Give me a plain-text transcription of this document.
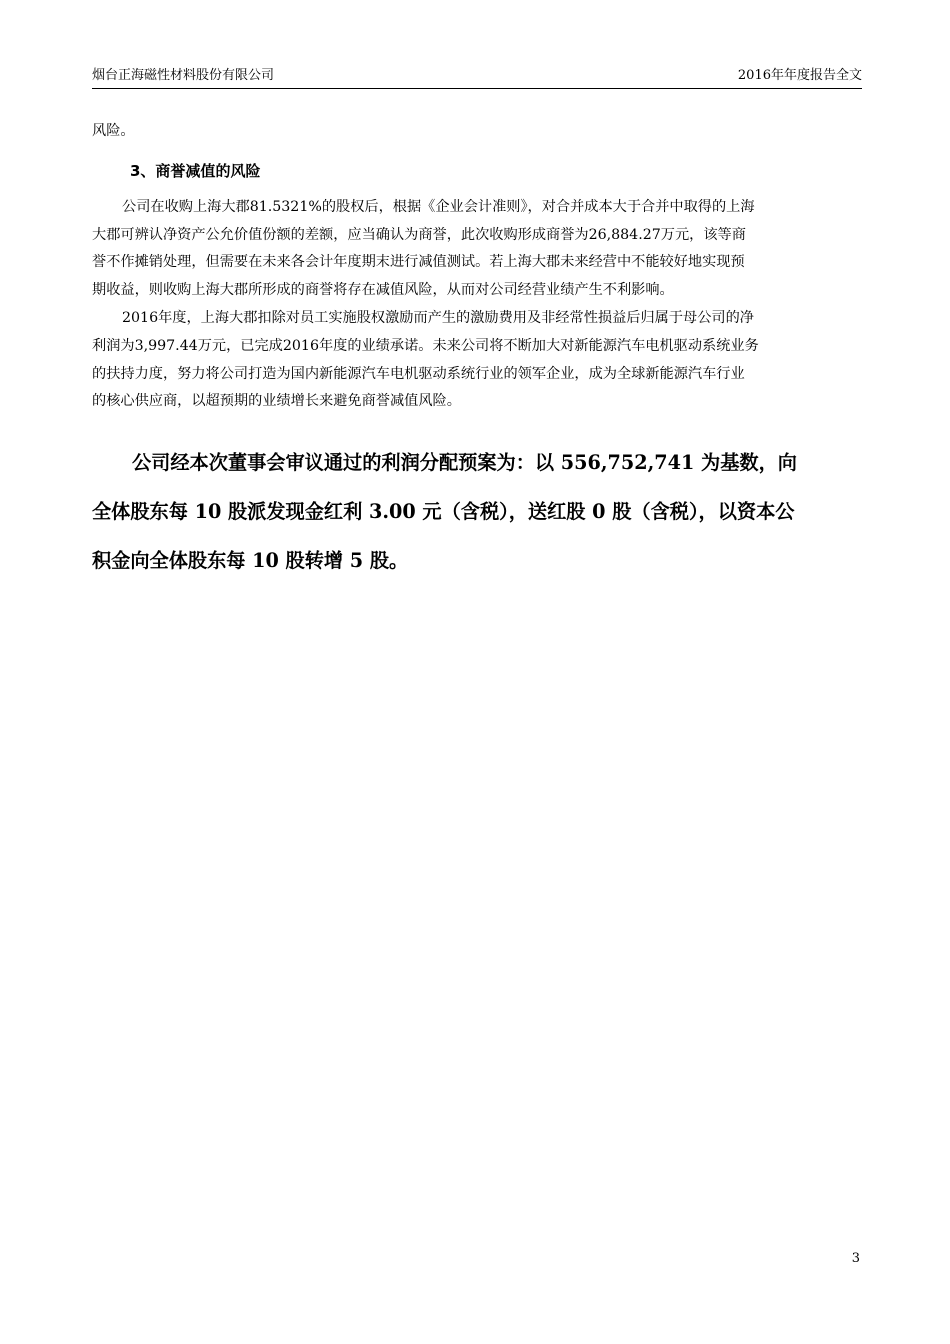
烟台正海磁性材料股份有限公司	2016年年度报告全文

风险。

3、商誉减值的风险

公司在收购上海大郡81.5321%的股权后，根据《企业会计准则》，对合并成本大于合并中取得的上海
大郡可辨认净资产公允价值份额的差额，应当确认为商誉，此次收购形成商誉为26,884.27万元，该等商
誉不作摊销处理，但需要在未来各会计年度期末进行减值测试。若上海大郡未来经营中不能较好地实现预
期收益，则收购上海大郡所形成的商誉将存在减值风险，从而对公司经营业绩产生不利影响。

2016年度，上海大郡扣除对员工实施股权激励而产生的激励费用及非经常性损益后归属于母公司的净
利润为3,997.44万元，已完成2016年度的业绩承诺。未来公司将不断加大对新能源汽车电机驱动系统业务
的扶持力度，努力将公司打造为国内新能源汽车电机驱动系统行业的领军企业，成为全球新能源汽车行业
的核心供应商，以超预期的业绩增长来避免商誉减值风险。

公司经本次董事会审议通过的利润分配预案为：以 556,752,741 为基数，向
全体股东每 10 股派发现金红利 3.00 元（含税），送红股 0 股（含税），以资本公
积金向全体股东每 10 股转增 5 股。

3
